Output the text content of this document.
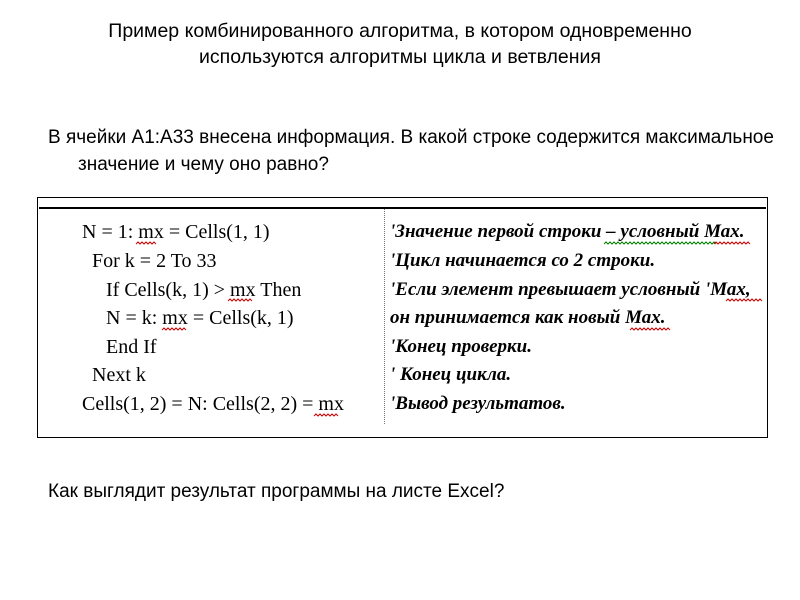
Пример комбинированного алгоритма, в котором одновременно
используются алгоритмы цикла и ветвления
В ячейки А1:А33 внесена информация. В какой строке содержится максимальное значение и чему оно равно?
N = 1: mx = Cells(1, 1)
For k = 2 To 33
If Cells(k, 1) > mx Then
N = k: mx = Cells(k, 1)
End If
Next k
Cells(1, 2) = N: Cells(2, 2) = mx
'Значение первой строки – условный Мах.
'Цикл начинается со 2 строки.
'Если элемент превышает условный 'Мах,
он принимается как новый Мах.
'Конец проверки.
' Конец цикла.
'Вывод результатов.
Как выглядит результат программы на листе Excel?
